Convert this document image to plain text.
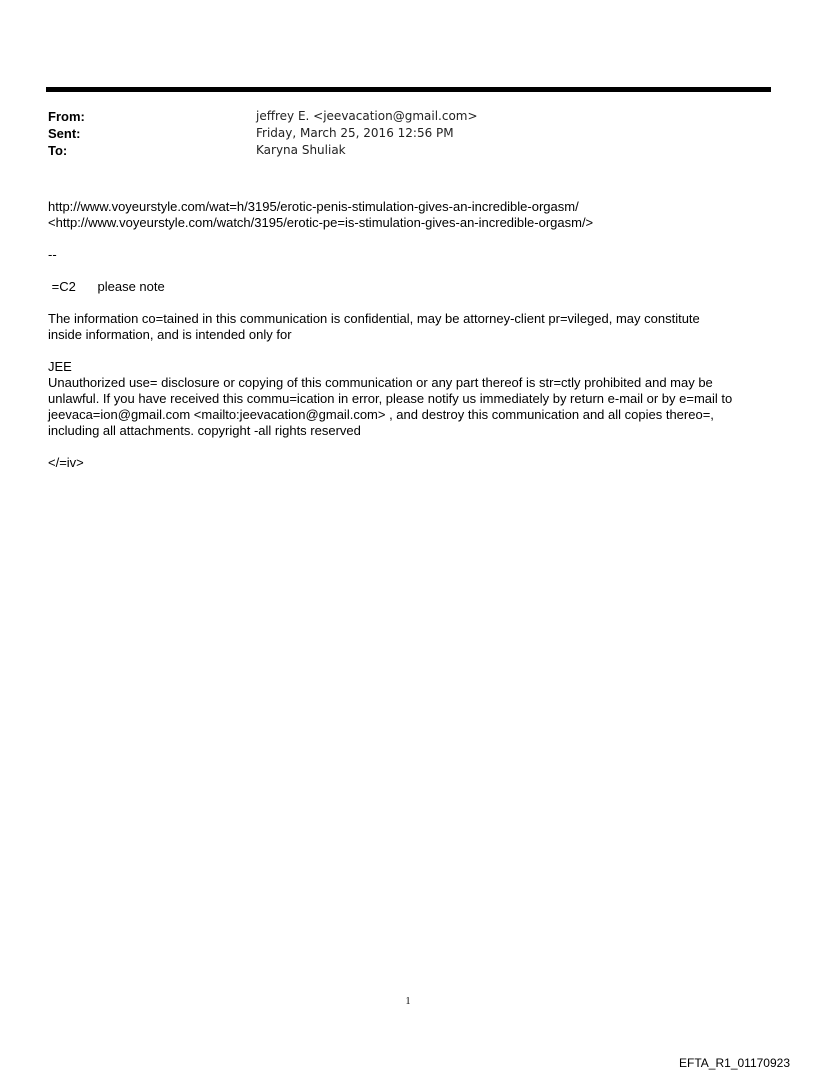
From:	jeffrey E. <jeevacation@gmail.com>
Sent:	Friday, March 25, 2016 12:56 PM
To:	Karyna Shuliak

http://www.voyeurstyle.com/wat=h/3195/erotic-penis-stimulation-gives-an-incredible-orgasm/

<http://www.voyeurstyle.com/watch/3195/erotic-pe=is-stimulation-gives-an-incredible-orgasm/>

--

=C2      please note

The information co=tained in this communication is confidential, may be attorney-client pr=vileged, may constitute

inside information, and is intended only for

JEE

Unauthorized use= disclosure or copying of this communication or any part thereof is str=ctly prohibited and may be

unlawful. If you have received this commu=ication in error, please notify us immediately by return e-mail or by e=mail to

jeevaca=ion@gmail.com <mailto:jeevacation@gmail.com> , and destroy this communication and all copies thereo=,

including all attachments. copyright -all rights reserved

</=iv>

1
EFTA_R1_01170923
